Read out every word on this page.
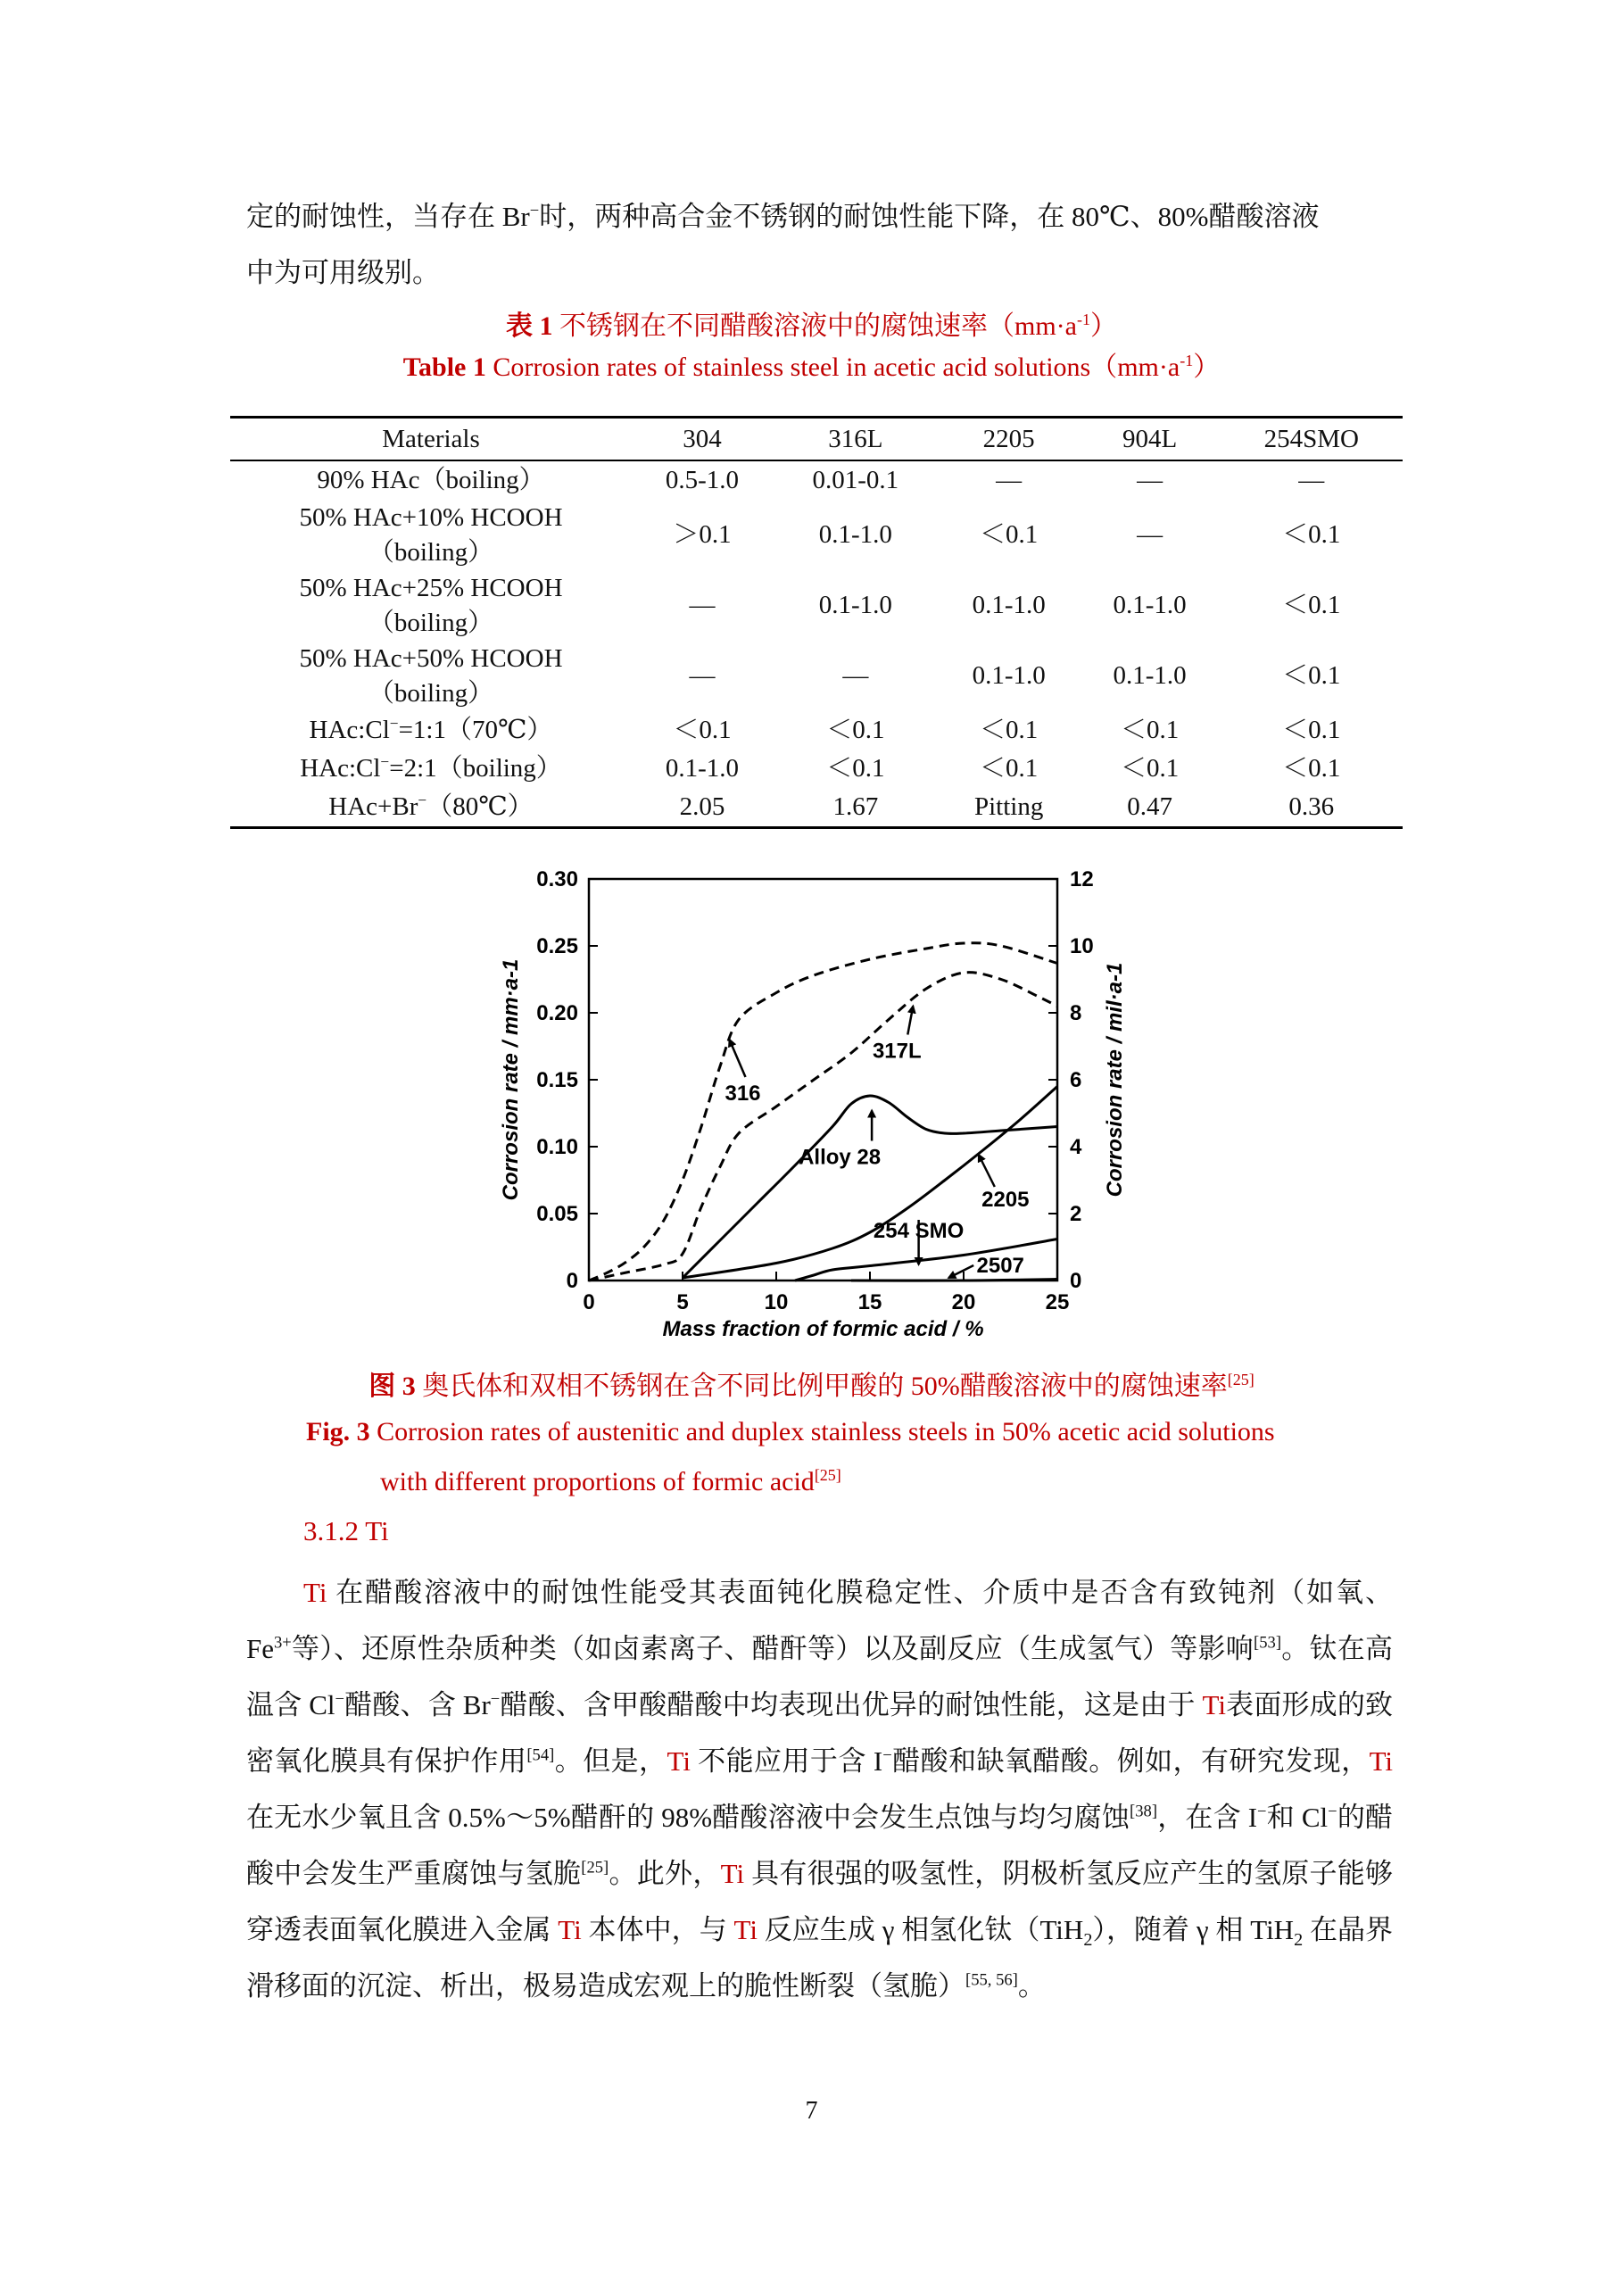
定的耐蚀性，当存在 Br−时，两种高合金不锈钢的耐蚀性能下降，在 80℃、80%醋酸溶液
中为可用级别。

表 1 不锈钢在不同醋酸溶液中的腐蚀速率$(mm\cdot a^{-1})$

Table 1 Corrosion rates of stainless steel in acetic acid $solutions(mm\cdot a^{-1})$

Materials	304	316L	2205	904L	254SMO
90% HAc（boiling）	0.5-1.0	0.01-0.1	—	—	—
50% HAc+10% HCOOH
（boiling）	＞0.1	0.1-1.0	＜0.1	—	＜0.1
50% HAc+25% HCOOH
（boiling）	—	0.1-1.0	0.1-1.0	0.1-1.0	＜0.1
50% HAc+50% HCOOH
（boiling）	—	—	0.1-1.0	0.1-1.0	＜0.1
HAc:Cl−=1:1（70℃）	＜0.1	＜0.1	＜0.1	＜0.1	＜0.1
HAc:Cl−=2:1（boiling）	0.1-1.0	＜0.1	＜0.1	＜0.1	＜0.1
HAc+Br−（80℃）	2.05	1.67	Pitting	0.47	0.36
0
0.05
0.10
0.15
0.20
0.25
0.30
0
2
4
6
8
10
12
0	5	10	15	20	25
Mass fraction of formic acid / %
Corrosion rate / mm·a-1	Corrosion rate / mil·a-1
316
317L
Alloy 28
2205
254 SMO
2507

图 3 奥氏体和双相不锈钢在含不同比例甲酸的 50%醋酸溶液中的腐蚀速率[25]

Fig. 3 Corrosion rates of austenitic and duplex stainless steels in 50% acetic acid solutions

with different proportions of formic acid[25]

3.1.2 Ti

Ti 在醋酸溶液中的耐蚀性能受其表面钝化膜稳定性、介质中是否含有致钝剂（如氧、$Fe^{3+}$等）、还原性杂质种类（如卤素离子、醋酐等）以及副反应（生成氢气）等影响[53]。钛在高温含 Cl−醋酸、含 Br−醋酸、含甲酸醋酸中均表现出优异的耐蚀性能，这是由于 Ti表面形成的致密氧化膜具有保护作用[54]。但是，Ti 不能应用于含 I−醋酸和缺氧醋酸。例如，有研究发现，Ti 在无水少氧且含 0.5%～5%醋酐的 98%醋酸溶液中会发生点蚀与均匀腐蚀[38]，在含 I−和 Cl−的醋酸中会发生严重腐蚀与氢脆[25]。此外，Ti 具有很强的吸氢性，阴极析氢反应产生的氢原子能够穿透表面氧化膜进入金属 Ti 本体中，与 Ti 反应生成 γ 相氢化钛（TiH$_2$），随着 γ 相 TiH$_2$ 在晶界滑移面的沉淀、析出，极易造成宏观上的脆性断裂（氢脆）[55, 56]。

7
